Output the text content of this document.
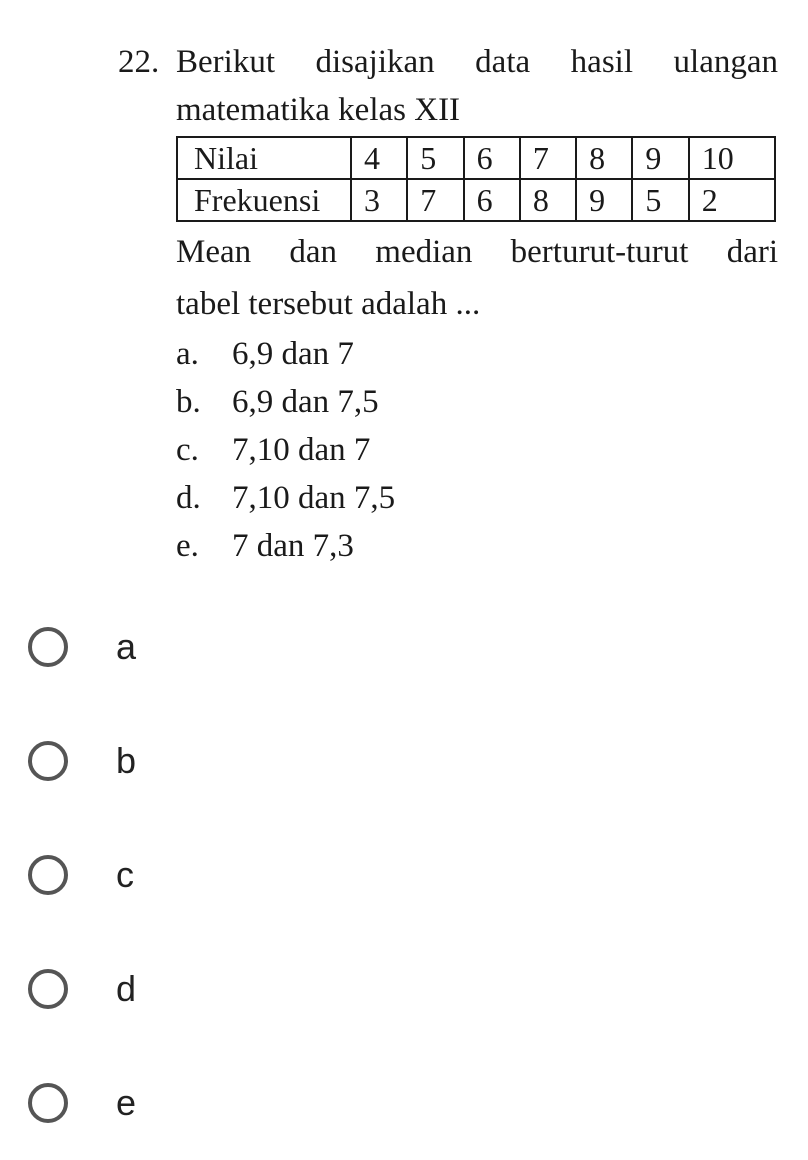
22. Berikut disajikan data hasil ulangan
matematika kelas XII
Nilai	4	5	6	7	8	9	10
Frekuensi	3	7	6	8	9	5	2
Mean dan median berturut-turut dari
tabel tersebut adalah ...
a.	6,9 dan 7
b. 6,9 dan 7,5
c.	7,10 dan 7
d. 7,10 dan 7,5
e.	7 dan 7,3
a
b
c
d
e
